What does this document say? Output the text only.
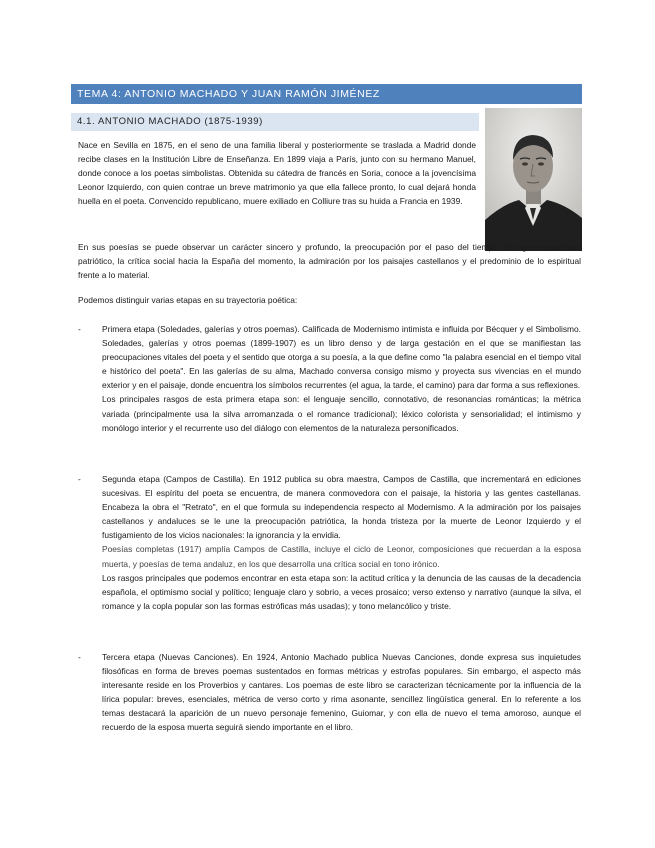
TEMA 4: ANTONIO MACHADO Y JUAN RAMÓN JIMÉNEZ
4.1. ANTONIO MACHADO (1875-1939)
Nace en Sevilla en 1875, en el seno de una familia liberal y posteriormente se traslada a Madrid donde recibe clases en la Institución Libre de Enseñanza. En 1899 viaja a París, junto con su hermano Manuel, donde conoce a los poetas simbolistas. Obtenida su cátedra de francés en Soria, conoce a la jovencísima Leonor Izquierdo, con quien contrae un breve matrimonio ya que ella fallece pronto, lo cual dejará honda huella en el poeta. Convencido republicano, muere exiliado en Colliure tras su huida a Francia en 1939.
En sus poesías se puede observar un carácter sincero y profundo, la preocupación por el paso del tiempo, el regeneracionismo patriótico, la crítica social hacia la España del momento, la admiración por los paisajes castellanos y el predominio de lo espiritual frente a lo material.
Podemos distinguir varias etapas en su trayectoria poética:
-	Primera etapa (Soledades, galerías y otros poemas). Calificada de Modernismo intimista e influida por Bécquer y el Simbolismo. Soledades, galerías y otros poemas (1899-1907) es un libro denso y de larga gestación en el que se manifiestan las preocupaciones vitales del poeta y el sentido que otorga a su poesía, a la que define como "la palabra esencial en el tiempo vital e histórico del poeta". En las galerías de su alma, Machado conversa consigo mismo y proyecta sus vivencias en el mundo exterior y en el paisaje, donde encuentra los símbolos recurrentes (el agua, la tarde, el camino) para dar forma a sus reflexiones.

Los principales rasgos de esta primera etapa son: el lenguaje sencillo, connotativo, de resonancias románticas; la métrica variada (principalmente usa la silva arromanzada o el romance tradicional); léxico colorista y sensorialidad; el intimismo y monólogo interior y el recurrente uso del diálogo con elementos de la naturaleza personificados.

-	Segunda etapa (Campos de Castilla). En 1912 publica su obra maestra, Campos de Castilla, que incrementará en ediciones sucesivas. El espíritu del poeta se encuentra, de manera conmovedora con el paisaje, la historia y las gentes castellanas. Encabeza la obra el "Retrato", en el que formula su independencia respecto al Modernismo. A la admiración por los paisajes castellanos y andaluces se le une la preocupación patriótica, la honda tristeza por la muerte de Leonor Izquierdo y el fustigamiento de los vicios nacionales: la ignorancia y la envidia.

Poesías completas (1917) amplía Campos de Castilla, incluye el ciclo de Leonor, composiciones que recuerdan a la esposa muerta, y poesías de tema andaluz, en los que desarrolla una crítica social en tono irónico.

Los rasgos principales que podemos encontrar en esta etapa son: la actitud crítica y la denuncia de las causas de la decadencia española, el optimismo social y político; lenguaje claro y sobrio, a veces prosaico; verso extenso y narrativo (aunque la silva, el romance y la copla popular son las formas estróficas más usadas); y tono melancólico y triste.

-	Tercera etapa (Nuevas Canciones). En 1924, Antonio Machado publica Nuevas Canciones, donde expresa sus inquietudes filosóficas en forma de breves poemas sustentados en formas métricas y estrofas populares. Sin embargo, el aspecto más interesante reside en los Proverbios y cantares. Los poemas de este libro se caracterizan técnicamente por la influencia de la lírica popular: breves, esenciales, métrica de verso corto y rima asonante, sencillez lingüística general. En lo referente a los temas destacará la aparición de un nuevo personaje femenino, Guiomar, y con ella de nuevo el tema amoroso, aunque el recuerdo de la esposa muerta seguirá siendo importante en el libro.
